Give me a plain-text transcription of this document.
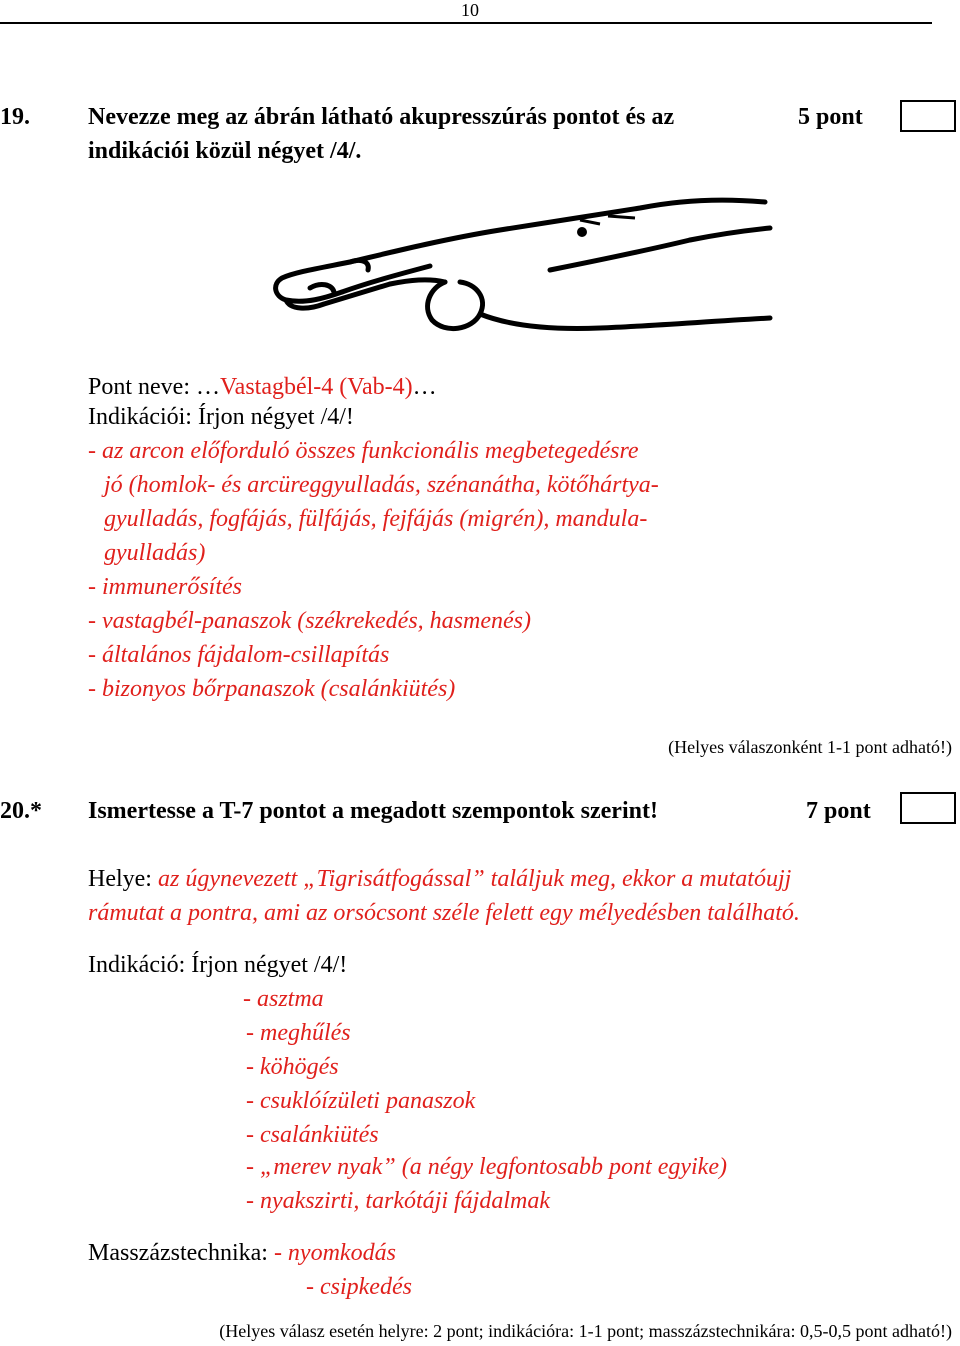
10
19. Nevezze meg az ábrán látható akupresszúrás pontot és az	5 pont
indikációi közül négyet /4/.
Pont neve: …Vastagbél-4 (Vab-4)…
Indikációi: Írjon négyet /4/!
- az arcon előforduló összes funkcionális megbetegedésre
jó (homlok- és arcüreggyulladás, szénanátha, kötőhártya-
gyulladás, fogfájás, fülfájás, fejfájás (migrén), mandula-
gyulladás)
- immunerősítés
- vastagbél-panaszok (székrekedés, hasmenés)
- általános fájdalom-csillapítás
- bizonyos bőrpanaszok (csalánkiütés)
(Helyes válaszonként 1-1 pont adható!)
20.* Ismertesse a T-7 pontot a megadott szempontok szerint!	7 pont
Helye: az úgynevezett „Tigrisátfogással” találjuk meg, ekkor a mutatóujj
rámutat a pontra, ami az orsócsont széle felett egy mélyedésben található.
Indikáció: Írjon négyet /4/!
- asztma
- meghűlés
- köhögés
- csuklóízületi panaszok
- csalánkiütés
- „merev nyak” (a négy legfontosabb pont egyike)
- nyakszirti, tarkótáji fájdalmak
Masszázstechnika: - nyomkodás
- csipkedés
(Helyes válasz esetén helyre: 2 pont; indikációra: 1-1 pont; masszázstechnikára: 0,5-0,5 pont adható!)
